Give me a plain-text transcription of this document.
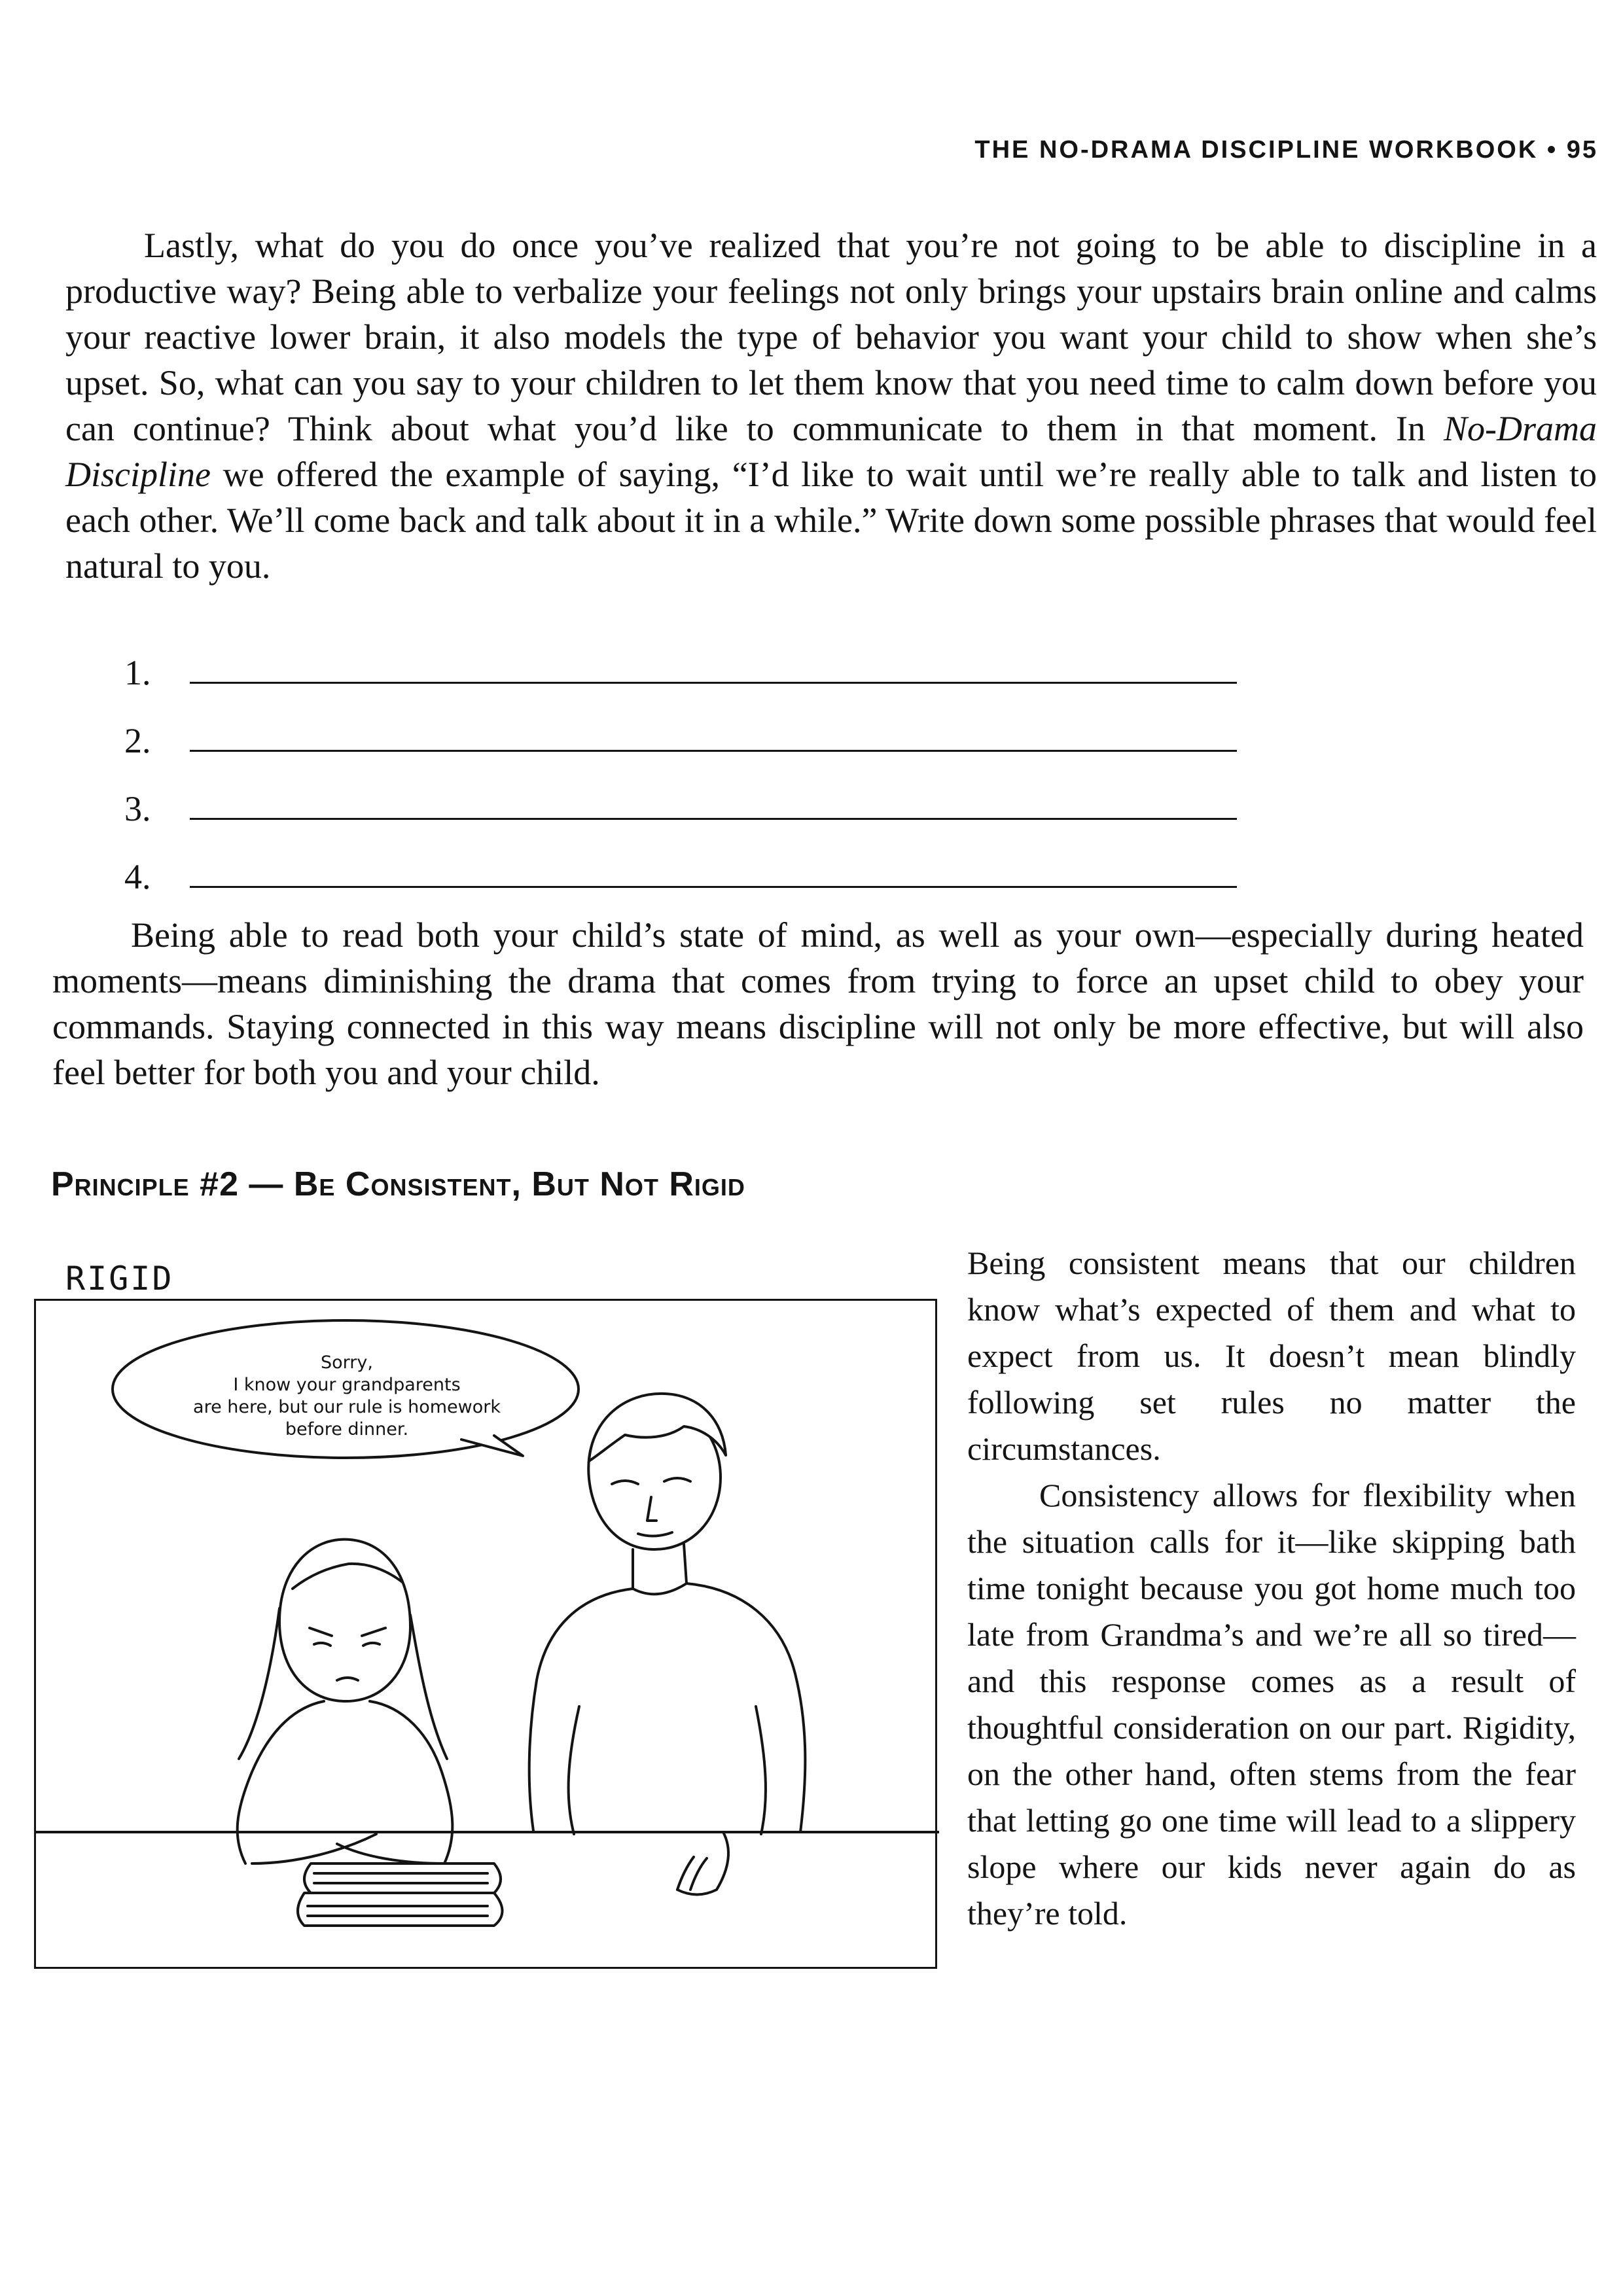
THE NO-DRAMA DISCIPLINE WORKBOOK • 95

Lastly, what do you do once you’ve realized that you’re not going to be able to discipline in a productive way? Being able to verbalize your feelings not only brings your upstairs brain online and calms your reactive lower brain, it also models the type of behavior you want your child to show when she’s upset. So, what can you say to your children to let them know that you need time to calm down before you can continue? Think about what you’d like to communicate to them in that moment. In No-Drama Discipline we offered the example of saying, “I’d like to wait until we’re really able to talk and listen to each other. We’ll come back and talk about it in a while.” Write down some possible phrases that would feel natural to you.

1.
2.
3.
4.

Being able to read both your child’s state of mind, as well as your own—especially during heated moments—means diminishing the drama that comes from trying to force an upset child to obey your commands. Staying connected in this way means discipline will not only be more effective, but will also feel better for both you and your child.

Principle #2 — Be Consistent, But Not Rigid
RIGID
Sorry,
I know your grandparents
are here, but our rule is homework
before dinner.
Being consistent means that our children know what’s expected of them and what to expect from us. It doesn’t mean blindly following set rules no matter the circumstances.
Consistency allows for flexibility when the situation calls for it—like skipping bath time tonight because you got home much too late from Grandma’s and we’re all so tired—and this response comes as a result of thoughtful consideration on our part. Rigidity, on the other hand, often stems from the fear that letting go one time will lead to a slippery slope where our kids never again do as they’re told.
